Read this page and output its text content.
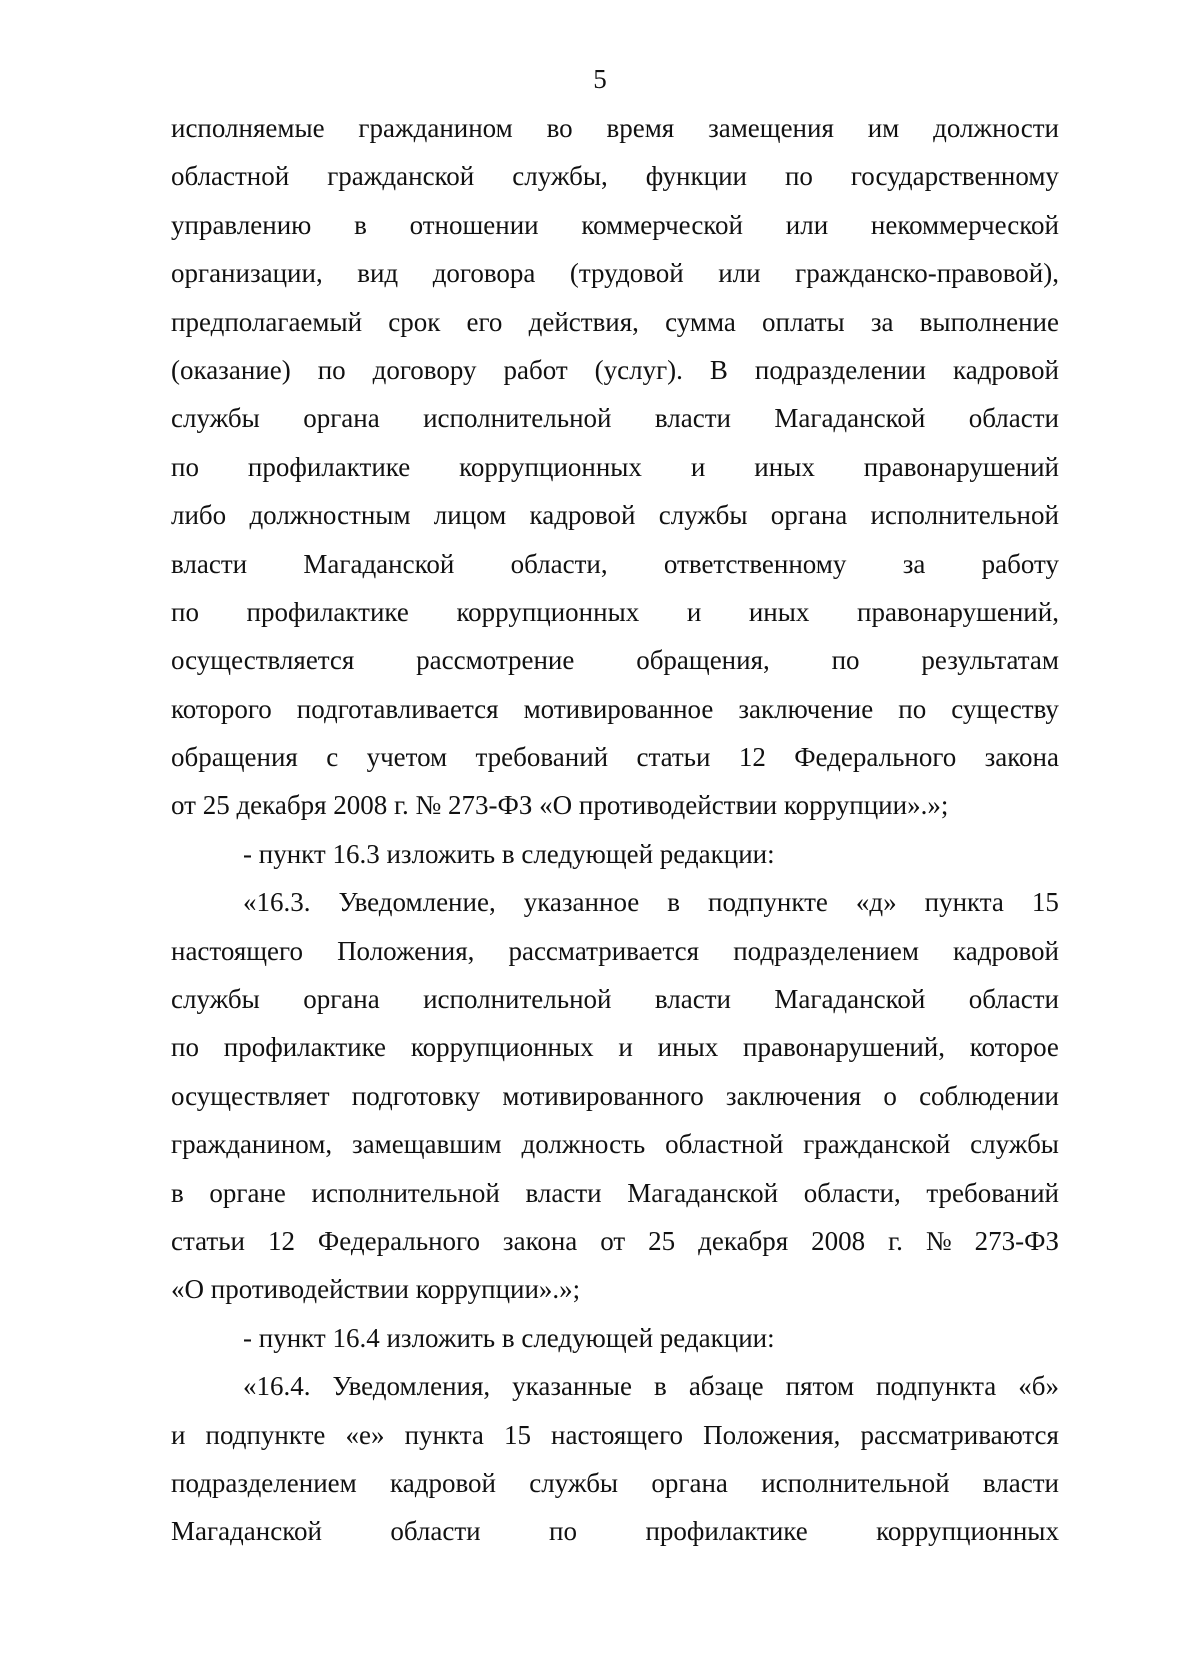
5
исполняемые гражданином во время замещения им должности
областной гражданской службы, функции по государственному
управлению в отношении коммерческой или некоммерческой
организации, вид договора (трудовой или гражданско-правовой),
предполагаемый срок его действия, сумма оплаты за выполнение
(оказание) по договору работ (услуг). В подразделении кадровой
службы органа исполнительной власти Магаданской области
по профилактике коррупционных и иных правонарушений
либо должностным лицом кадровой службы органа исполнительной
власти Магаданской области, ответственному за работу
по профилактике коррупционных и иных правонарушений,
осуществляется рассмотрение обращения, по результатам
которого подготавливается мотивированное заключение по существу
обращения с учетом требований статьи 12 Федерального закона
от 25 декабря 2008 г. № 273-ФЗ «О противодействии коррупции».»;
- пункт 16.3 изложить в следующей редакции:
«16.3. Уведомление, указанное в подпункте «д» пункта 15
настоящего Положения, рассматривается подразделением кадровой
службы органа исполнительной власти Магаданской области
по профилактике коррупционных и иных правонарушений, которое
осуществляет подготовку мотивированного заключения о соблюдении
гражданином, замещавшим должность областной гражданской службы
в органе исполнительной власти Магаданской области, требований
статьи 12 Федерального закона от 25 декабря 2008 г. № 273-ФЗ
«О противодействии коррупции».»;
- пункт 16.4 изложить в следующей редакции:
«16.4. Уведомления, указанные в абзаце пятом подпункта «б»
и подпункте «е» пункта 15 настоящего Положения, рассматриваются
подразделением кадровой службы органа исполнительной власти
Магаданской	области	по	профилактике	коррупционных
